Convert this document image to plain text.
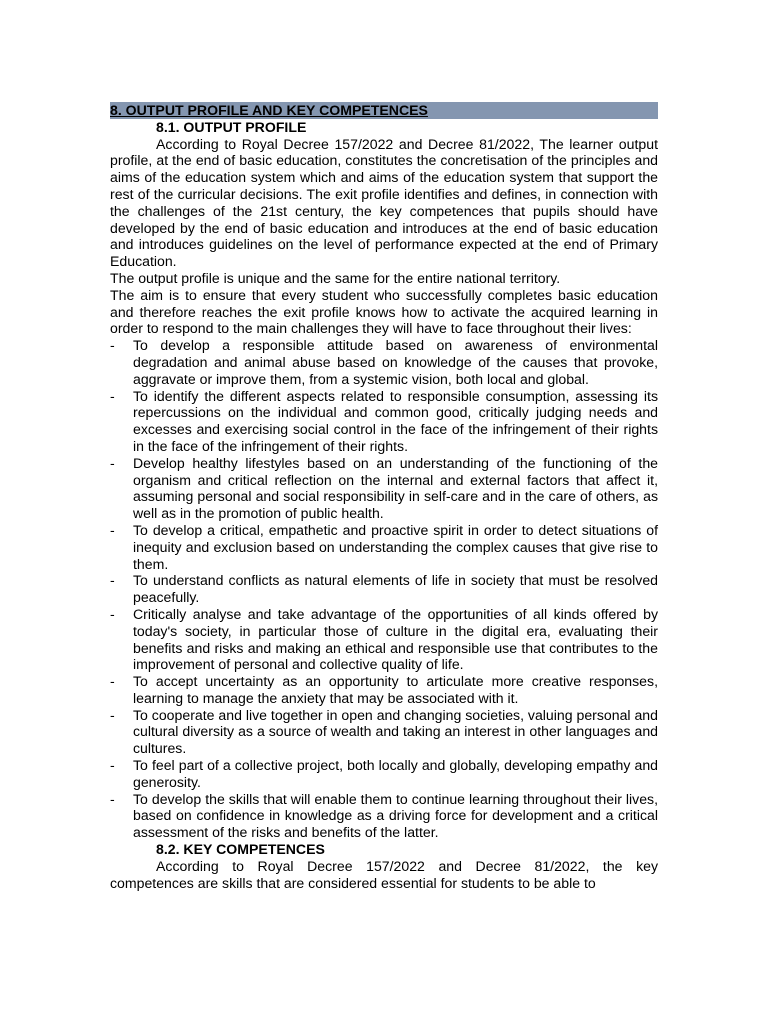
8. OUTPUT PROFILE AND KEY COMPETENCES

8.1. OUTPUT PROFILE

According to Royal Decree 157/2022 and Decree 81/2022, The learner output profile, at the end of basic education, constitutes the concretisation of the principles and aims of the education system which and aims of the education system that support the rest of the curricular decisions. The exit profile identifies and defines, in connection with the challenges of the 21st century, the key competences that pupils should have developed by the end of basic education and introduces at the end of basic education and introduces guidelines on the level of performance expected at the end of Primary Education.

The output profile is unique and the same for the entire national territory.

The aim is to ensure that every student who successfully completes basic education and therefore reaches the exit profile knows how to activate the acquired learning in order to respond to the main challenges they will have to face throughout their lives:

- To develop a responsible attitude based on awareness of environmental degradation and animal abuse based on knowledge of the causes that provoke, aggravate or improve them, from a systemic vision, both local and global.
- To identify the different aspects related to responsible consumption, assessing its repercussions on the individual and common good, critically judging needs and excesses and exercising social control in the face of the infringement of their rights in the face of the infringement of their rights.
- Develop healthy lifestyles based on an understanding of the functioning of the organism and critical reflection on the internal and external factors that affect it, assuming personal and social responsibility in self-care and in the care of others, as well as in the promotion of public health.
- To develop a critical, empathetic and proactive spirit in order to detect situations of inequity and exclusion based on understanding the complex causes that give rise to them.
- To understand conflicts as natural elements of life in society that must be resolved peacefully.
- Critically analyse and take advantage of the opportunities of all kinds offered by today's society, in particular those of culture in the digital era, evaluating their benefits and risks and making an ethical and responsible use that contributes to the improvement of personal and collective quality of life.
- To accept uncertainty as an opportunity to articulate more creative responses, learning to manage the anxiety that may be associated with it.
- To cooperate and live together in open and changing societies, valuing personal and cultural diversity as a source of wealth and taking an interest in other languages and cultures.
- To feel part of a collective project, both locally and globally, developing empathy and generosity.
- To develop the skills that will enable them to continue learning throughout their lives, based on confidence in knowledge as a driving force for development and a critical assessment of the risks and benefits of the latter.

8.2. KEY COMPETENCES

According to Royal Decree 157/2022 and Decree 81/2022, the key competences are skills that are considered essential for students to be able to
